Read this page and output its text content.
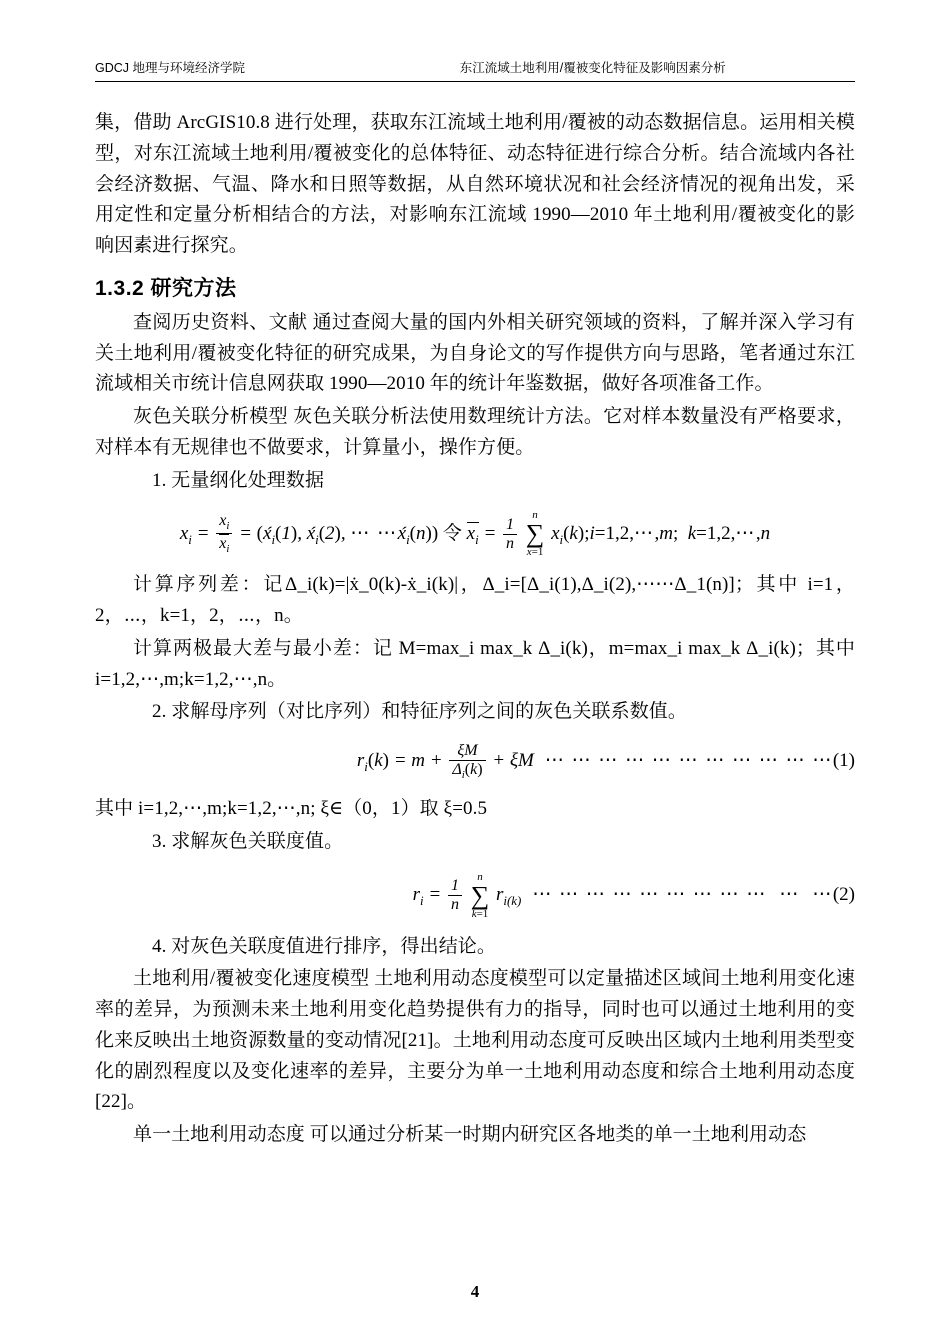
GDCJ 地理与环境经济学院	东江流域土地利用/覆被变化特征及影响因素分析

集，借助 ArcGIS10.8 进行处理，获取东江流域土地利用/覆被的动态数据信息。运用相关模型，对东江流域土地利用/覆被变化的总体特征、动态特征进行综合分析。结合流域内各社会经济数据、气温、降水和日照等数据，从自然环境状况和社会经济情况的视角出发，采用定性和定量分析相结合的方法，对影响东江流域 1990—2010 年土地利用/覆被变化的影响因素进行探究。

1.3.2 研究方法

查阅历史资料、文献 通过查阅大量的国内外相关研究领域的资料，了解并深入学习有关土地利用/覆被变化特征的研究成果，为自身论文的写作提供方向与思路，笔者通过东江流域相关市统计信息网获取 1990—2010 年的统计年鉴数据，做好各项准备工作。

灰色关联分析模型 灰色关联分析法使用数理统计方法。它对样本数量没有严格要求，对样本有无规律也不做要求，计算量小，操作方便。

1. 无量纲化处理数据

$x_i = \frac{x_i}{x_i}$ = ($x́_i(1)$, $x́_i(2)$, ⋯ $\cdots x́_i(n)$) 令 $x_i = \frac{1}{n}$

n
∑
x=1
$x_i(k);i=1,2,\cdots,m$; k=1,2,⋯,n

计算序列差：记Δ_i(k)=|ẋ_0(k)-ẋ_i(k)|，Δ_i=[Δ_i(1),Δ_i(2),⋯⋯Δ_1(n)]；其中 i=1，2，⋯，k=1，2，⋯，n。

计算两极最大差与最小差：记 M=max_i max_k Δ_i(k)，m=max_i max_k Δ_i(k)；其中 i=1,2,⋯,m;k=1,2,⋯,n。

2. 求解母序列（对比序列）和特征序列之间的灰色关联系数值。

$r_i(k) = m + \frac{\xi M}{\Delta_i(k)} + \xi M$  ⋯ ⋯ ⋯ ⋯ ⋯ ⋯ ⋯ ⋯ ⋯ ⋯ ⋯(1)

其中 i=1,2,⋯,m;k=1,2,⋯,n; ξ∈（0，1）取 ξ=0.5

3. 求解灰色关联度值。

$r_i = \frac{1}{n}$

n
∑
k=1
$r_{i(k)}$  ⋯ ⋯ ⋯ ⋯ ⋯ ⋯ ⋯ ⋯ ⋯  ⋯  ⋯(2)

4. 对灰色关联度值进行排序，得出结论。

土地利用/覆被变化速度模型 土地利用动态度模型可以定量描述区域间土地利用变化速率的差异，为预测未来土地利用变化趋势提供有力的指导，同时也可以通过土地利用的变化来反映出土地资源数量的变动情况[21]。土地利用动态度可反映出区域内土地利用类型变化的剧烈程度以及变化速率的差异，主要分为单一土地利用动态度和综合土地利用动态度[22]。

单一土地利用动态度 可以通过分析某一时期内研究区各地类的单一土地利用动态

4
